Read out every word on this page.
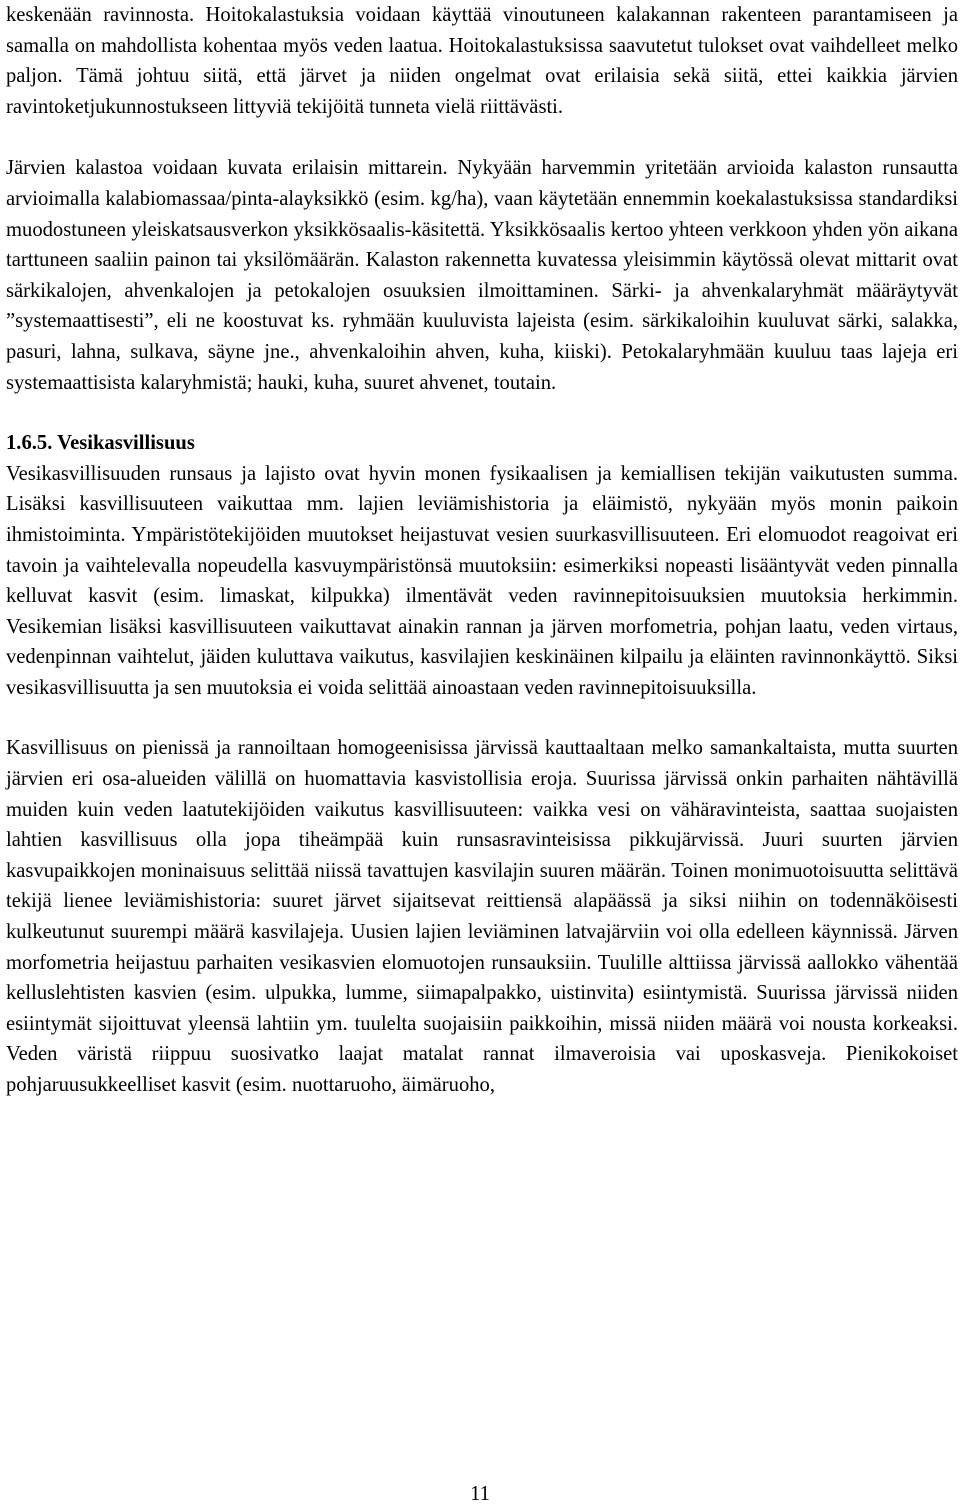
keskenään ravinnosta. Hoitokalastuksia voidaan käyttää vinoutuneen kalakannan rakenteen parantamiseen ja samalla on mahdollista kohentaa myös veden laatua. Hoitokalastuksissa saavutetut tulokset ovat vaihdelleet melko paljon. Tämä johtuu siitä, että järvet ja niiden ongelmat ovat erilaisia sekä siitä, ettei kaikkia järvien ravintoketjukunnostukseen littyviä tekijöitä tunneta vielä riittävästi.

Järvien kalastoa voidaan kuvata erilaisin mittarein. Nykyään harvemmin yritetään arvioida kalaston runsautta arvioimalla kalabiomassaa/pinta-alayksikkö (esim. kg/ha), vaan käytetään ennemmin koekalastuksissa standardiksi muodostuneen yleiskatsausverkon yksikkösaalis-käsitettä. Yksikkösaalis kertoo yhteen verkkoon yhden yön aikana tarttuneen saaliin painon tai yksilömäärän. Kalaston rakennetta kuvatessa yleisimmin käytössä olevat mittarit ovat särkikalojen, ahvenkalojen ja petokalojen osuuksien ilmoittaminen. Särki- ja ahvenkalaryhmät määräytyvät ”systemaattisesti”, eli ne koostuvat ks. ryhmään kuuluvista lajeista (esim. särkikaloihin kuuluvat särki, salakka, pasuri, lahna, sulkava, säyne jne., ahvenkaloihin ahven, kuha, kiiski). Petokalaryhmään kuuluu taas lajeja eri systemaattisista kalaryhmistä; hauki, kuha, suuret ahvenet, toutain.

1.6.5. Vesikasvillisuus

Vesikasvillisuuden runsaus ja lajisto ovat hyvin monen fysikaalisen ja kemiallisen tekijän vaikutusten summa. Lisäksi kasvillisuuteen vaikuttaa mm. lajien leviämishistoria ja eläimistö, nykyään myös monin paikoin ihmistoiminta. Ympäristötekijöiden muutokset heijastuvat vesien suurkasvillisuuteen. Eri elomuodot reagoivat eri tavoin ja vaihtelevalla nopeudella kasvuympäristönsä muutoksiin: esimerkiksi nopeasti lisääntyvät veden pinnalla kelluvat kasvit (esim. limaskat, kilpukka) ilmentävät veden ravinnepitoisuuksien muutoksia herkimmin. Vesikemian lisäksi kasvillisuuteen vaikuttavat ainakin rannan ja järven morfometria, pohjan laatu, veden virtaus, vedenpinnan vaihtelut, jäiden kuluttava vaikutus, kasvilajien keskinäinen kilpailu ja eläinten ravinnonkäyttö. Siksi vesikasvillisuutta ja sen muutoksia ei voida selittää ainoastaan veden ravinnepitoisuuksilla.

Kasvillisuus on pienissä ja rannoiltaan homogeenisissa järvissä kauttaaltaan melko samankaltaista, mutta suurten järvien eri osa-alueiden välillä on huomattavia kasvistollisia eroja. Suurissa järvissä onkin parhaiten nähtävillä muiden kuin veden laatutekijöiden vaikutus kasvillisuuteen: vaikka vesi on vähäravinteista, saattaa suojaisten lahtien kasvillisuus olla jopa tiheämpää kuin runsasravinteisissa pikkujärvissä. Juuri suurten järvien kasvupaikkojen moninaisuus selittää niissä tavattujen kasvilajin suuren määrän. Toinen monimuotoisuutta selittävä tekijä lienee leviämishistoria: suuret järvet sijaitsevat reittiensä alapäässä ja siksi niihin on todennäköisesti kulkeutunut suurempi määrä kasvilajeja. Uusien lajien leviäminen latvajärviin voi olla edelleen käynnissä. Järven morfometria heijastuu parhaiten vesikasvien elomuotojen runsauksiin. Tuulille alttiissa järvissä aallokko vähentää kelluslehtisten kasvien (esim. ulpukka, lumme, siimapalpakko, uistinvita) esiintymistä. Suurissa järvissä niiden esiintymät sijoittuvat yleensä lahtiin ym. tuulelta suojaisiin paikkoihin, missä niiden määrä voi nousta korkeaksi. Veden väristä riippuu suosivatko laajat matalat rannat ilmaveroisia vai uposkasveja. Pienikokoiset pohjaruusukkeelliset kasvit (esim. nuottaruoho, äimäruoho,

11
